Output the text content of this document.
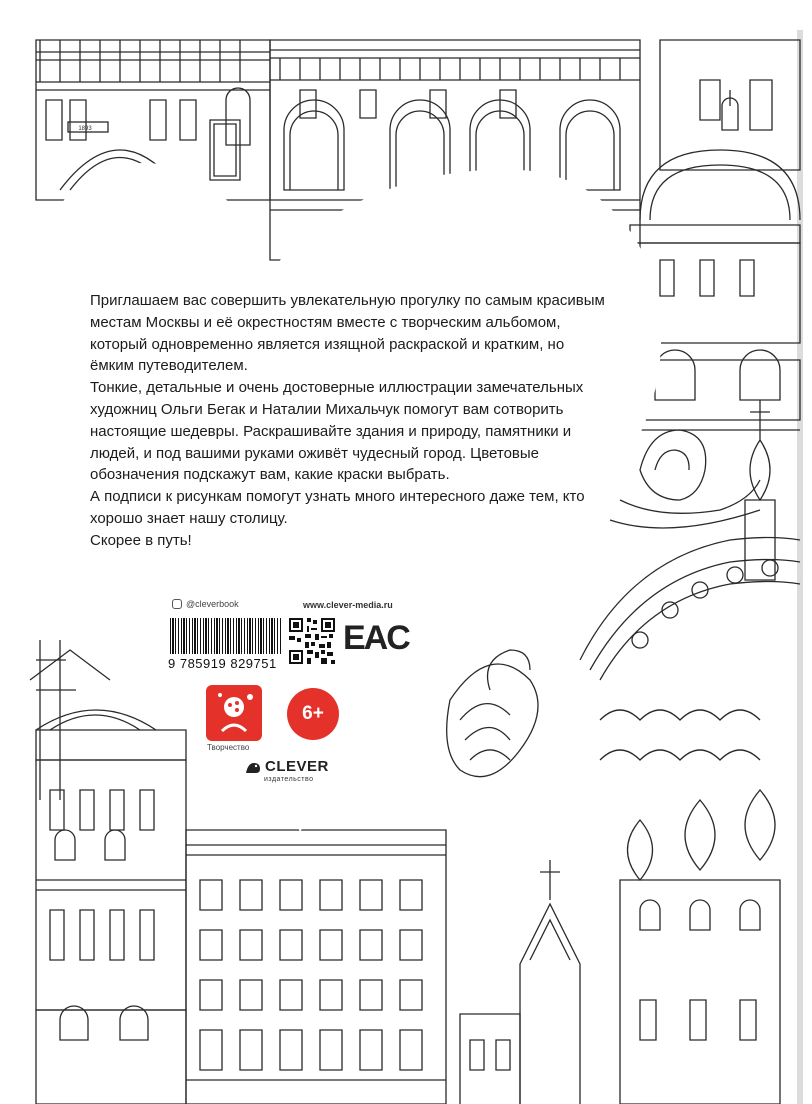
1893

Приглашаем вас совершить увлекательную прогулку по самым красивым местам Москвы и её окрестностям вместе с творческим альбомом, который одновременно является изящной раскраской и кратким, но ёмким путеводителем.

Тонкие, детальные и очень достоверные иллюстрации замечательных художниц Ольги Бегак и Наталии Михальчук помогут вам сотворить настоящие шедевры. Раскрашивайте здания и природу, памятники и людей, и под вашими руками оживёт чудесный город. Цветовые обозначения подскажут вам, какие краски выбрать.

А подписи к рисункам помогут узнать много интересного даже тем, кто хорошо знает нашу столицу.

Скорее в путь!

@cleverbook	www.clever-media.ru
9 785919 829751
EAC
Творчество
6+
CLEVER
издательство
